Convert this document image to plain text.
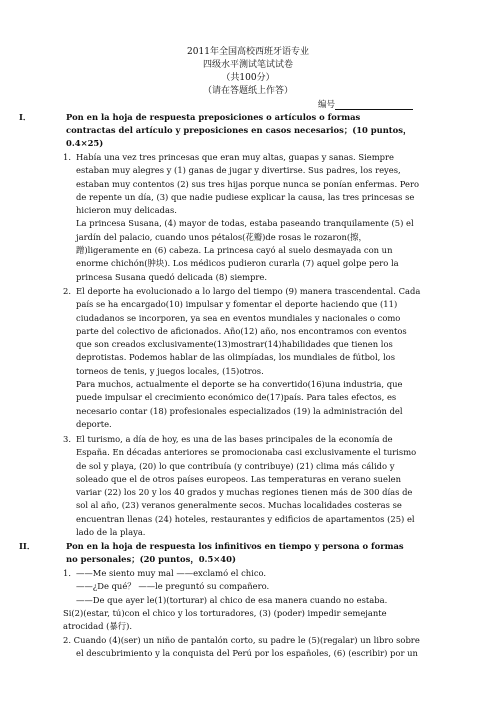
2011年全国高校西班牙语专业
四级水平测试笔试试卷
（共100分）
（请在答题纸上作答）
编号
I．	Pon en la hoja de respuesta preposiciones o artículos o formas
contractas del artículo y preposiciones en casos necesarios；(10 puntos，
0.4×25)
1. Había una vez tres princesas que eran muy altas, guapas y sanas. Siempre
estaban muy alegres y (1) ganas de jugar y divertirse. Sus padres, los reyes,
estaban muy contentos (2) sus tres hijas porque nunca se ponían enfermas. Pero
de repente un día, (3) que nadie pudiese explicar la causa, las tres princesas se
hicieron muy delicadas.
La princesa Susana, (4) mayor de todas, estaba paseando tranquilamente (5) el
jardín del palacio, cuando unos pétalos(花瓣)de rosas le rozaron(擦，
蹭)ligeramente en (6) cabeza. La princesa cayó al suelo desmayada con un
enorme chichón(肿块). Los médicos pudieron curarla (7) aquel golpe pero la
princesa Susana quedó delicada (8) siempre.
2. El deporte ha evolucionado a lo largo del tiempo (9) manera trascendental. Cada
país se ha encargado(10) impulsar y fomentar el deporte haciendo que (11)
ciudadanos se incorporen, ya sea en eventos mundiales y nacionales o como
parte del colectivo de aficionados. Año(12) año, nos encontramos con eventos
que son creados exclusivamente(13)mostrar(14)habilidades que tienen los
deprotistas. Podemos hablar de las olimpíadas, los mundiales de fútbol, los
torneos de tenis, y juegos locales, (15)otros.
Para muchos, actualmente el deporte se ha convertido(16)una industria, que
puede impulsar el crecimiento económico de(17)país. Para tales efectos, es
necesario contar (18) profesionales especializados (19) la administración del
deporte.
3. El turismo, a día de hoy, es una de las bases principales de la economía de
España. En décadas anteriores se promocionaba casi exclusivamente el turismo
de sol y playa, (20) lo que contribuía (y contribuye) (21) clima más cálido y
soleado que el de otros países europeos. Las temperaturas en verano suelen
variar (22) los 20 y los 40 grados y muchas regiones tienen más de 300 días de
sol al año, (23) veranos generalmente secos. Muchas localidades costeras se
encuentran llenas (24) hoteles, restaurantes y edificios de apartamentos (25) el
lado de la playa.
II．	Pon en la hoja de respuesta los infinitivos en tiempo y persona o formas
no personales；(20 puntos，0.5×40)
1． ——Me siento muy mal ——exclamó el chico.
——¿De qué？ ——le preguntó su compañero.
——De que ayer le(1)(torturar) al chico de esa manera cuando no estaba.
Si(2)(estar, tú)con el chico y los torturadores, (3) (poder) impedir semejante
atrocidad (暴行).
2. Cuando (4)(ser) un niño de pantalón corto, su padre le (5)(regalar) un libro sobre
el descubrimiento y la conquista del Perú por los españoles, (6) (escribir) por un
